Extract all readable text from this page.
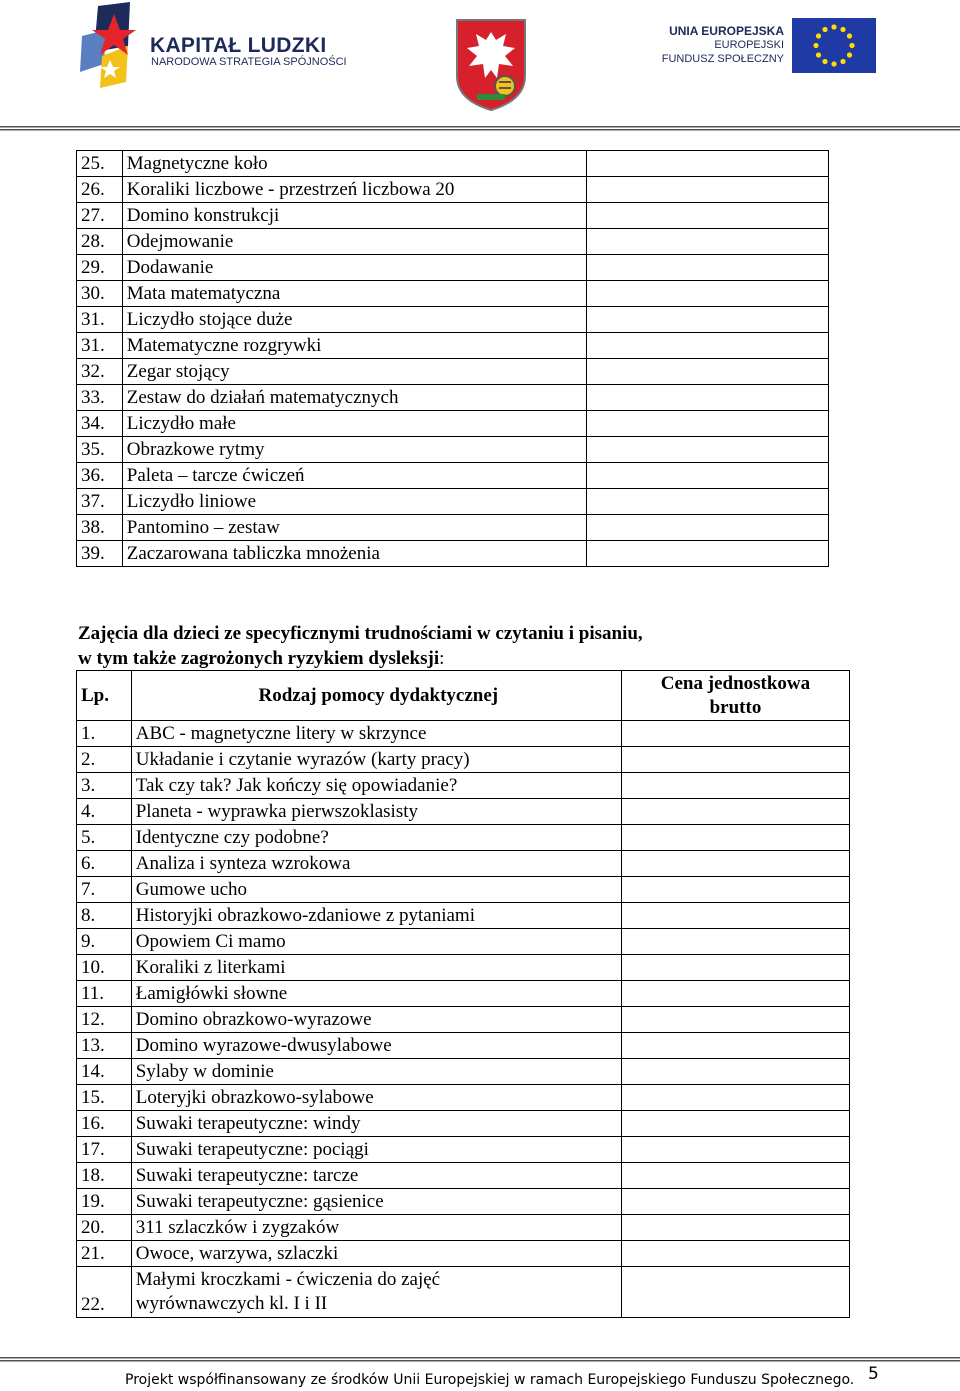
KAPITAŁ LUDZKI
NARODOWA STRATEGIA SPÓJNOŚCI
UNIA EUROPEJSKA
EUROPEJSKI
FUNDUSZ SPOŁECZNY
25.	Magnetyczne koło	
26.	Koraliki liczbowe - przestrzeń liczbowa 20	
27.	Domino konstrukcji	
28.	Odejmowanie	
29.	Dodawanie	
30.	Mata matematyczna	
31.	Liczydło stojące duże	
31.	Matematyczne rozgrywki	
32.	Zegar stojący	
33.	Zestaw do działań matematycznych	
34.	Liczydło małe	
35.	Obrazkowe rytmy	
36.	Paleta – tarcze ćwiczeń	
37.	Liczydło liniowe	
38.	Pantomino – zestaw	
39.	Zaczarowana tabliczka mnożenia	
Zajęcia dla dzieci ze specyficznymi trudnościami w czytaniu i pisaniu,
w tym także zagrożonych ryzykiem dysleksji:
Lp.	Rodzaj pomocy dydaktycznej	Cena jednostkowa
brutto

1.	ABC - magnetyczne litery w skrzynce	
2.	Układanie i czytanie wyrazów (karty pracy)	
3.	Tak czy tak? Jak kończy się opowiadanie?	
4.	Planeta - wyprawka pierwszoklasisty	
5.	Identyczne czy podobne?	
6.	Analiza i synteza wzrokowa	
7.	Gumowe ucho	
8.	Historyjki obrazkowo-zdaniowe z pytaniami	
9.	Opowiem Ci mamo	
10.	Koraliki z literkami	
11.	Łamigłówki słowne	
12.	Domino obrazkowo-wyrazowe	
13.	Domino wyrazowe-dwusylabowe	
14.	Sylaby w dominie	
15.	Loteryjki obrazkowo-sylabowe	
16.	Suwaki terapeutyczne: windy	
17.	Suwaki terapeutyczne: pociągi	
18.	Suwaki terapeutyczne: tarcze	
19.	Suwaki terapeutyczne: gąsienice	
20.	311 szlaczków i zygzaków	
21.	Owoce, warzywa, szlaczki	
22.	Małymi kroczkami - ćwiczenia do zajęć
wyrównawczych kl. I i II	

Projekt współfinansowany ze środków Unii Europejskiej w ramach Europejskiego Funduszu Społecznego. 5
